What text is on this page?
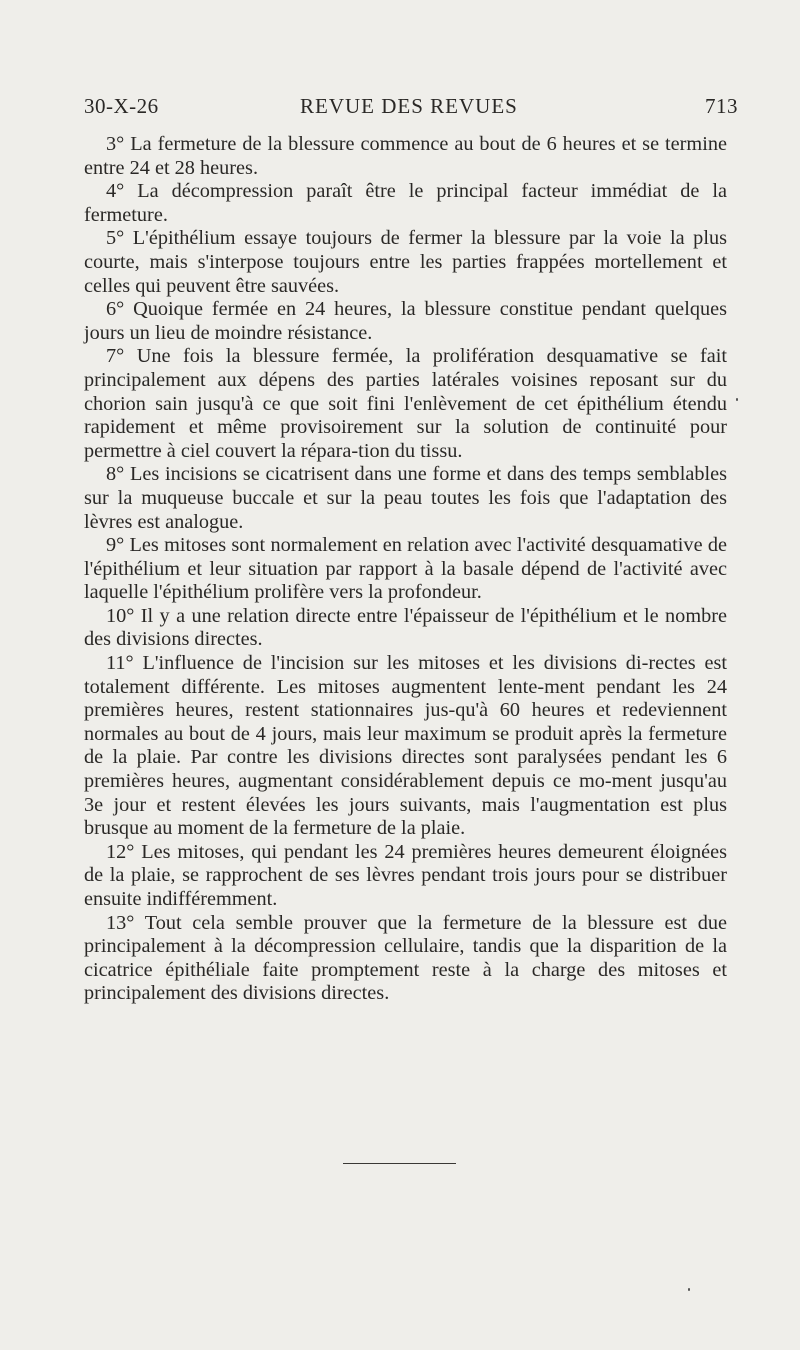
30-X-26	REVUE DES REVUES	713

3° La fermeture de la blessure commence au bout de 6 heures et se termine entre 24 et 28 heures.

4° La décompression paraît être le principal facteur immédiat de la fermeture.

5° L'épithélium essaye toujours de fermer la blessure par la voie la plus courte, mais s'interpose toujours entre les parties frappées mortellement et celles qui peuvent être sauvées.

6° Quoique fermée en 24 heures, la blessure constitue pendant quelques jours un lieu de moindre résistance.

7° Une fois la blessure fermée, la prolifération desquamative se fait principalement aux dépens des parties latérales voisines reposant sur du chorion sain jusqu'à ce que soit fini l'enlèvement de cet épithélium étendu rapidement et même provisoirement sur la solution de continuité pour permettre à ciel couvert la répara-tion du tissu.

8° Les incisions se cicatrisent dans une forme et dans des temps semblables sur la muqueuse buccale et sur la peau toutes les fois que l'adaptation des lèvres est analogue.

9° Les mitoses sont normalement en relation avec l'activité desquamative de l'épithélium et leur situation par rapport à la basale dépend de l'activité avec laquelle l'épithélium prolifère vers la profondeur.

10° Il y a une relation directe entre l'épaisseur de l'épithélium et le nombre des divisions directes.

11° L'influence de l'incision sur les mitoses et les divisions di-rectes est totalement différente. Les mitoses augmentent lente-ment pendant les 24 premières heures, restent stationnaires jus-qu'à 60 heures et redeviennent normales au bout de 4 jours, mais leur maximum se produit après la fermeture de la plaie. Par contre les divisions directes sont paralysées pendant les 6 premières heures, augmentant considérablement depuis ce mo-ment jusqu'au 3e jour et restent élevées les jours suivants, mais l'augmentation est plus brusque au moment de la fermeture de la plaie.

12° Les mitoses, qui pendant les 24 premières heures demeurent éloignées de la plaie, se rapprochent de ses lèvres pendant trois jours pour se distribuer ensuite indifféremment.

13° Tout cela semble prouver que la fermeture de la blessure est due principalement à la décompression cellulaire, tandis que la disparition de la cicatrice épithéliale faite promptement reste à la charge des mitoses et principalement des divisions directes.
